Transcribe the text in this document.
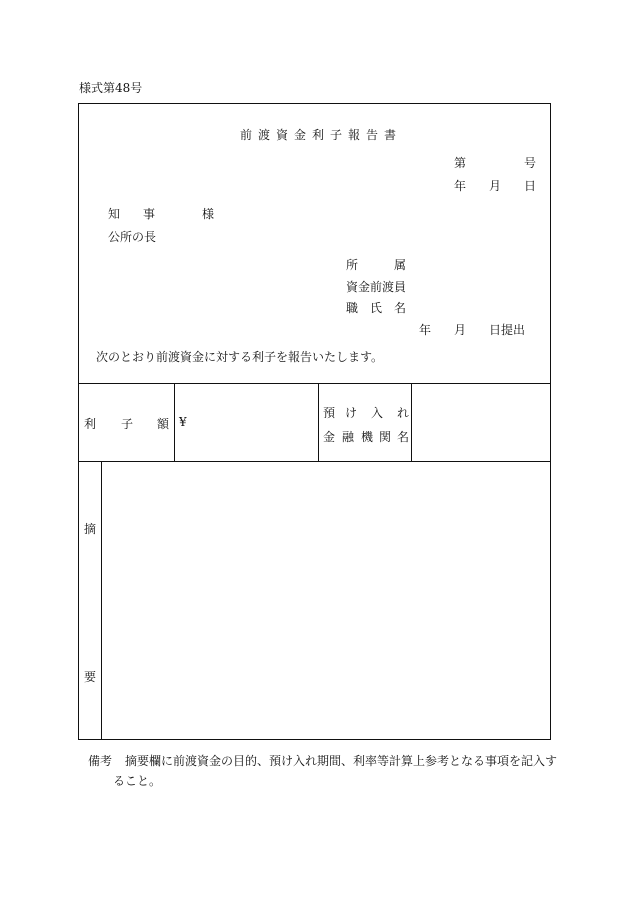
様式第48号
前渡資金利子報告書
第	号
年 月 日
知 事	様
公所の長
所	属
資金前渡員
職 氏 名
年 月 日提出
次のとおり前渡資金に対する利子を報告いたします。
利 子 額 ¥
預 け 入 れ
金 融 機 関 名
摘
要
備考 摘要欄に前渡資金の目的、預け入れ期間、利率等計算上参考となる事項を記入す
ること。
